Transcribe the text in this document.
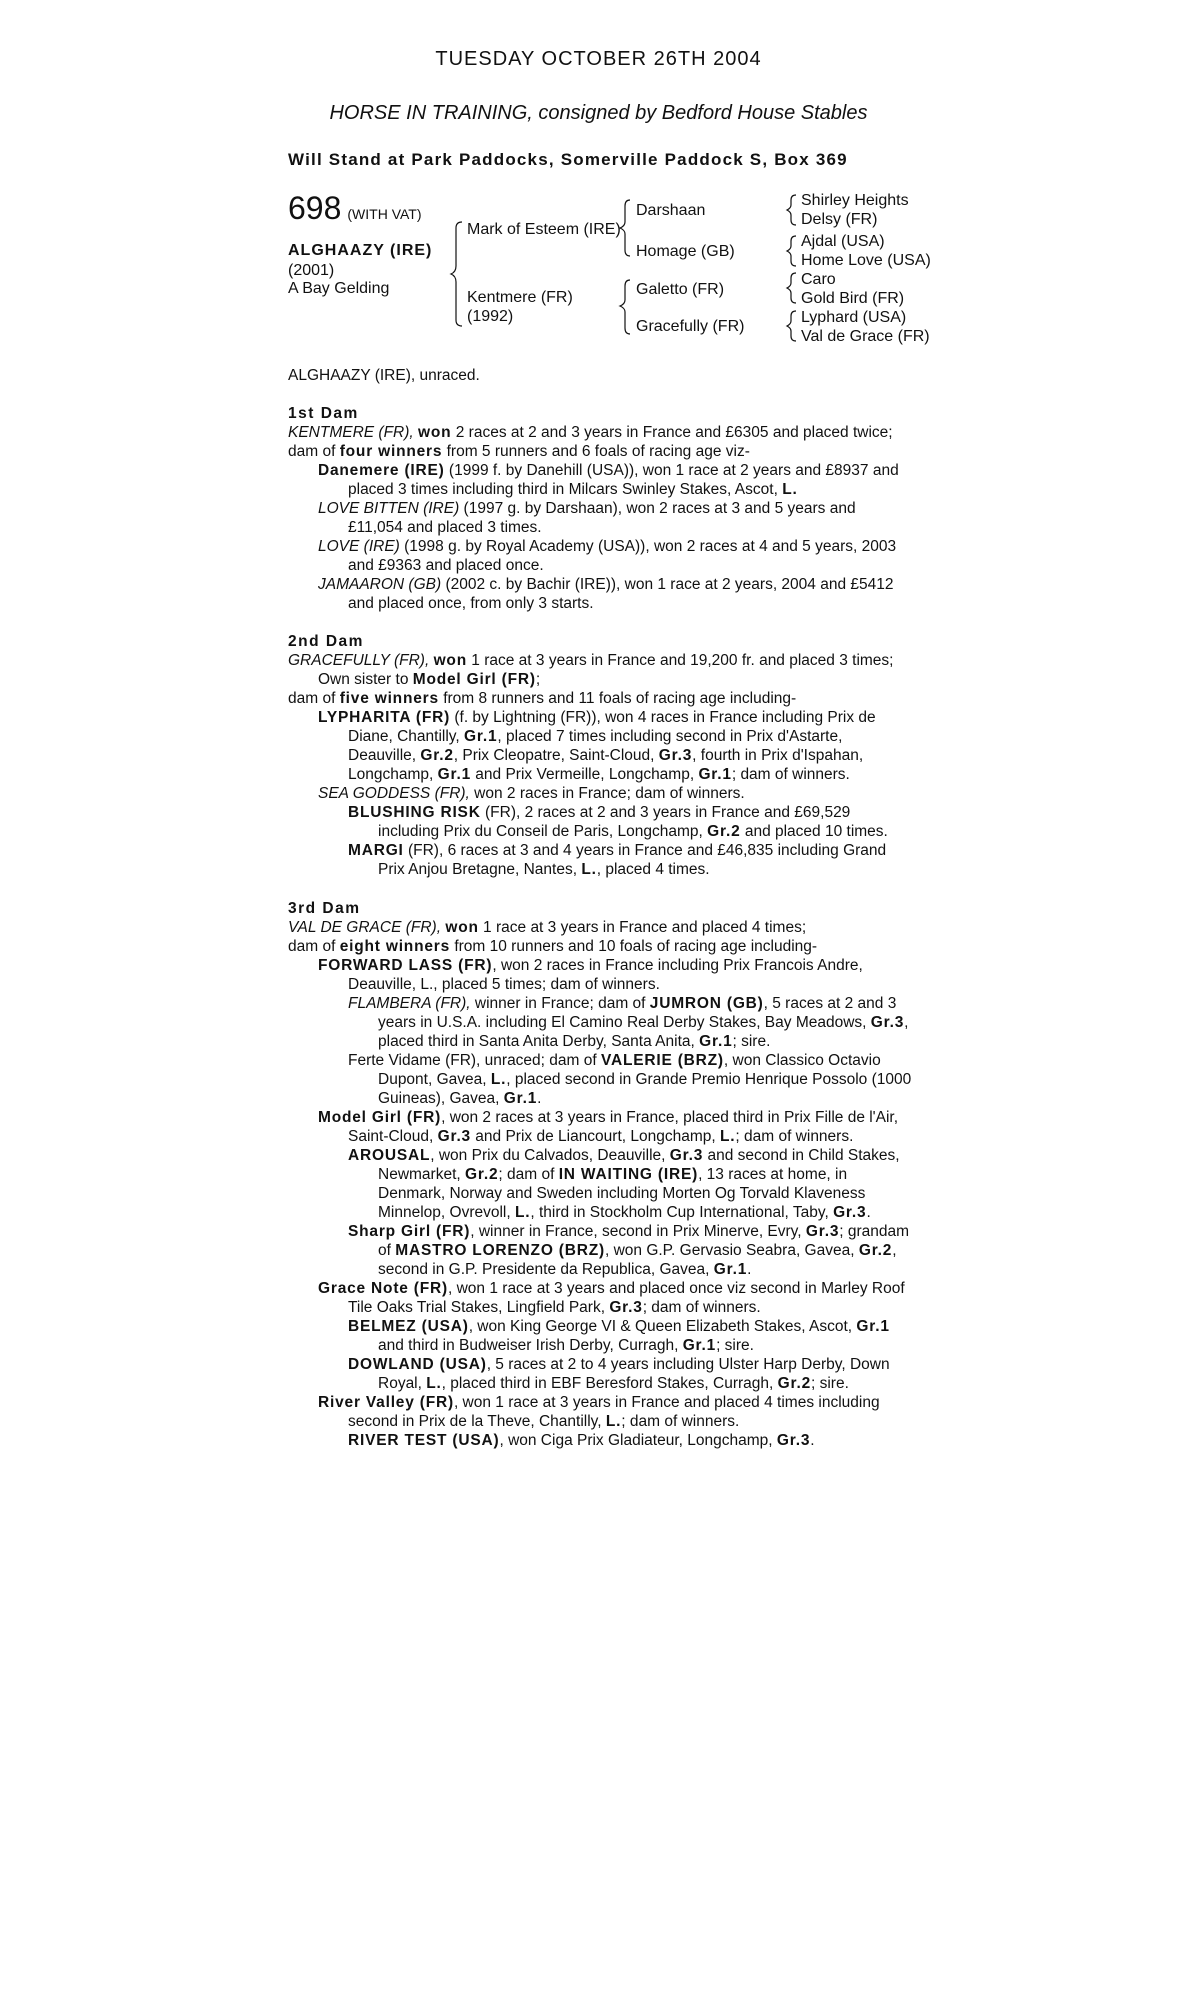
TUESDAY OCTOBER 26TH 2004
HORSE IN TRAINING, consigned by Bedford House Stables
Will Stand at Park Paddocks, Somerville Paddock S, Box 369
698 (WITH VAT)
ALGHAAZY (IRE)
(2001)
A Bay Gelding
Mark of Esteem (IRE)
Kentmere (FR)
(1992)
Darshaan
Homage (GB)
Galetto (FR)
Gracefully (FR)
Shirley Heights
Delsy (FR)
Ajdal (USA)
Home Love (USA)
Caro
Gold Bird (FR)
Lyphard (USA)
Val de Grace (FR)

ALGHAAZY (IRE), unraced.

1st Dam

KENTMERE (FR), won 2 races at 2 and 3 years in France and £6305 and placed twice;

dam of four winners from 5 runners and 6 foals of racing age viz-

Danemere (IRE) (1999 f. by Danehill (USA)), won 1 race at 2 years and £8937 and placed 3 times including third in Milcars Swinley Stakes, Ascot, L.

LOVE BITTEN (IRE) (1997 g. by Darshaan), won 2 races at 3 and 5 years and £11,054 and placed 3 times.

LOVE (IRE) (1998 g. by Royal Academy (USA)), won 2 races at 4 and 5 years, 2003 and £9363 and placed once.

JAMAARON (GB) (2002 c. by Bachir (IRE)), won 1 race at 2 years, 2004 and £5412 and placed once, from only 3 starts.

2nd Dam

GRACEFULLY (FR), won 1 race at 3 years in France and 19,200 fr. and placed 3 times;

Own sister to Model Girl (FR);

dam of five winners from 8 runners and 11 foals of racing age including-

LYPHARITA (FR) (f. by Lightning (FR)), won 4 races in France including Prix de Diane, Chantilly, Gr.1, placed 7 times including second in Prix d'Astarte, Deauville, Gr.2, Prix Cleopatre, Saint-Cloud, Gr.3, fourth in Prix d'Ispahan, Longchamp, Gr.1 and Prix Vermeille, Longchamp, Gr.1; dam of winners.

SEA GODDESS (FR), won 2 races in France; dam of winners.

BLUSHING RISK (FR), 2 races at 2 and 3 years in France and £69,529 including Prix du Conseil de Paris, Longchamp, Gr.2 and placed 10 times.

MARGI (FR), 6 races at 3 and 4 years in France and £46,835 including Grand Prix Anjou Bretagne, Nantes, L., placed 4 times.

3rd Dam

VAL DE GRACE (FR), won 1 race at 3 years in France and placed 4 times;

dam of eight winners from 10 runners and 10 foals of racing age including-

FORWARD LASS (FR), won 2 races in France including Prix Francois Andre, Deauville, L., placed 5 times; dam of winners.

FLAMBERA (FR), winner in France; dam of JUMRON (GB), 5 races at 2 and 3 years in U.S.A. including El Camino Real Derby Stakes, Bay Meadows, Gr.3, placed third in Santa Anita Derby, Santa Anita, Gr.1; sire.

Ferte Vidame (FR), unraced; dam of VALERIE (BRZ), won Classico Octavio Dupont, Gavea, L., placed second in Grande Premio Henrique Possolo (1000 Guineas), Gavea, Gr.1.

Model Girl (FR), won 2 races at 3 years in France, placed third in Prix Fille de l'Air, Saint-Cloud, Gr.3 and Prix de Liancourt, Longchamp, L.; dam of winners.

AROUSAL, won Prix du Calvados, Deauville, Gr.3 and second in Child Stakes, Newmarket, Gr.2; dam of IN WAITING (IRE), 13 races at home, in Denmark, Norway and Sweden including Morten Og Torvald Klaveness Minnelop, Ovrevoll, L., third in Stockholm Cup International, Taby, Gr.3.

Sharp Girl (FR), winner in France, second in Prix Minerve, Evry, Gr.3; grandam of MASTRO LORENZO (BRZ), won G.P. Gervasio Seabra, Gavea, Gr.2, second in G.P. Presidente da Republica, Gavea, Gr.1.

Grace Note (FR), won 1 race at 3 years and placed once viz second in Marley Roof Tile Oaks Trial Stakes, Lingfield Park, Gr.3; dam of winners.

BELMEZ (USA), won King George VI & Queen Elizabeth Stakes, Ascot, Gr.1 and third in Budweiser Irish Derby, Curragh, Gr.1; sire.

DOWLAND (USA), 5 races at 2 to 4 years including Ulster Harp Derby, Down Royal, L., placed third in EBF Beresford Stakes, Curragh, Gr.2; sire.

River Valley (FR), won 1 race at 3 years in France and placed 4 times including second in Prix de la Theve, Chantilly, L.; dam of winners.

RIVER TEST (USA), won Ciga Prix Gladiateur, Longchamp, Gr.3.
